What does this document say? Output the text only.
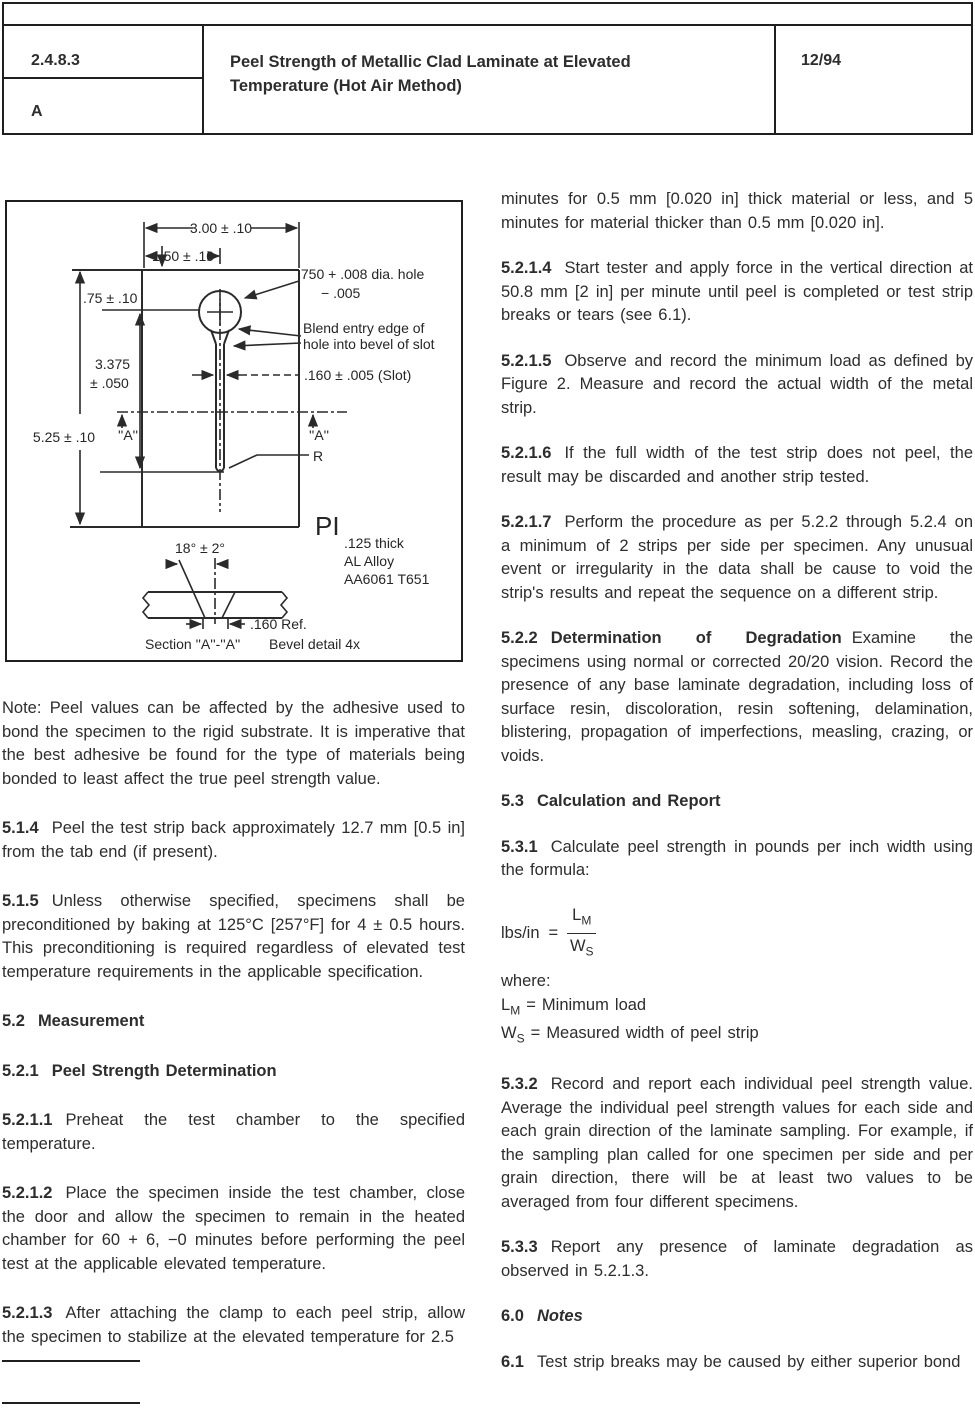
2.4.8.3
A
Peel Strength of Metallic Clad Laminate at Elevated
Temperature (Hot Air Method)
12/94
3.00 ± .10
1.50 ± .10
.75 ± .10
3.375
± .050
5.25 ± .10
.750 + .008 dia. hole
− .005
Blend entry edge of
hole into bevel of slot
.160 ± .005 (Slot)
''A''	''A''
R
PI
.125 thick
AL Alloy
AA6061 T651
18° ± 2°
.160 Ref.
Section ''A''-''A'' Bevel detail 4x

Note: Peel values can be affected by the adhesive used to bond the specimen to the rigid substrate. It is imperative that the best adhesive be found for the type of materials being bonded to least affect the true peel strength value.

5.1.4 Peel the test strip back approximately 12.7 mm [0.5 in] from the tab end (if present).

5.1.5 Unless otherwise specified, specimens shall be preconditioned by baking at 125°C [257°F] for 4 ± 0.5 hours. This preconditioning is required regardless of elevated test temperature requirements in the applicable specification.

5.2 Measurement

5.2.1 Peel Strength Determination

5.2.1.1 Preheat the test chamber to the specified temperature.

5.2.1.2 Place the specimen inside the test chamber, close the door and allow the specimen to remain in the heated chamber for 60 + 6, −0 minutes before performing the peel test at the applicable elevated temperature.

5.2.1.3 After attaching the clamp to each peel strip, allow the specimen to stabilize at the elevated temperature for 2.5

minutes for 0.5 mm [0.020 in] thick material or less, and 5 minutes for material thicker than 0.5 mm [0.020 in].

5.2.1.4 Start tester and apply force in the vertical direction at 50.8 mm [2 in] per minute until peel is completed or test strip breaks or tears (see 6.1).

5.2.1.5 Observe and record the minimum load as defined by Figure 2. Measure and record the actual width of the metal strip.

5.2.1.6 If the full width of the test strip does not peel, the result may be discarded and another strip tested.

5.2.1.7 Perform the procedure as per 5.2.2 through 5.2.4 on a minimum of 2 strips per side per specimen. Any unusual event or irregularity in the data shall be cause to void the strip's results and repeat the sequence on a different strip.

5.2.2 Determination of Degradation Examine the specimens using normal or corrected 20/20 vision. Record the presence of any base laminate degradation, including loss of surface resin, discoloration, resin softening, delamination, blistering, propagation of imperfections, measling, crazing, or voids.

5.3 Calculation and Report

5.3.1 Calculate peel strength in pounds per inch width using the formula:

$lbs/in = \frac{L_M}{W_S}$

where:

$L_M$ = Minimum load

$W_S$ = Measured width of peel strip

5.3.2 Record and report each individual peel strength value. Average the individual peel strength values for each side and each grain direction of the laminate sampling. For example, if the sampling plan called for one specimen per side and per grain direction, there will be at least two values to be averaged from four different specimens.

5.3.3 Report any presence of laminate degradation as observed in 5.2.1.3.

6.0 Notes

6.1 Test strip breaks may be caused by either superior bond
